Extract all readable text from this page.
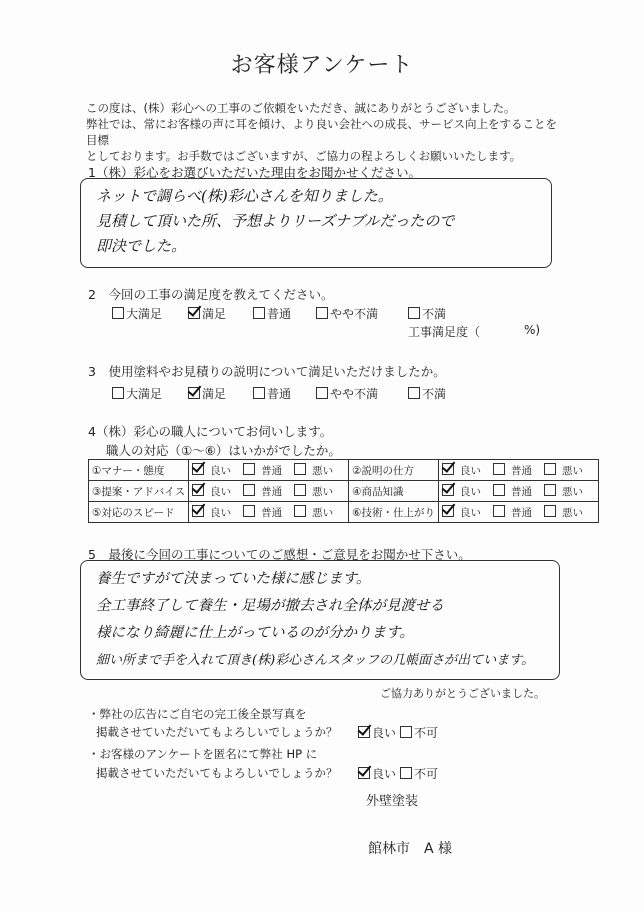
お客様アンケート
この度は、(株）彩心への工事のご依頼をいただき、誠にありがとうございました。
弊社では、常にお客様の声に耳を傾け、より良い会社への成長、サービス向上をすることを目標
としております。お手数ではございますが、ご協力の程よろしくお願いいたします。
1（株）彩心をお選びいただいた理由をお聞かせください。
ネットで調らべ(株)彩心さんを知りました。
見積して頂いた所、予想よりリーズナブルだったので
即決でした。
2　今回の工事の満足度を教えてください。
大満足	満足	普通	やや不満	不満
工事満足度（	%)
3　使用塗料やお見積りの説明について満足いただけましたか。
大満足	満足	普通	やや不満	不満
4（株）彩心の職人についてお伺いします。
職人の対応（①～⑥）はいかがでしたか。
①マナー・態度	良い 普通 悪い	②説明の仕方	良い 普通 悪い
③提案・アドバイス	良い 普通 悪い	④商品知識	良い 普通 悪い
⑤対応のスピード	良い 普通 悪い	⑥技術・仕上がり	良い 普通 悪い
5　最後に今回の工事についてのご感想・ご意見をお聞かせ下さい。
養生ですがて決まっていた様に感じます。
全工事終了して養生・足場が撤去され全体が見渡せる
様になり綺麗に仕上がっているのが分かります。
細い所まで手を入れて頂き(株)彩心さんスタッフの几帳面さが出ています。
ご協力ありがとうございました。
・弊社の広告にご自宅の完工後全景写真を
掲載させていただいてもよろしいでしょうか？	良い	不可
・お客様のアンケートを匿名にて弊社 HP に
掲載させていただいてもよろしいでしょうか？	良い	不可
外壁塗装
館林市　A 様
